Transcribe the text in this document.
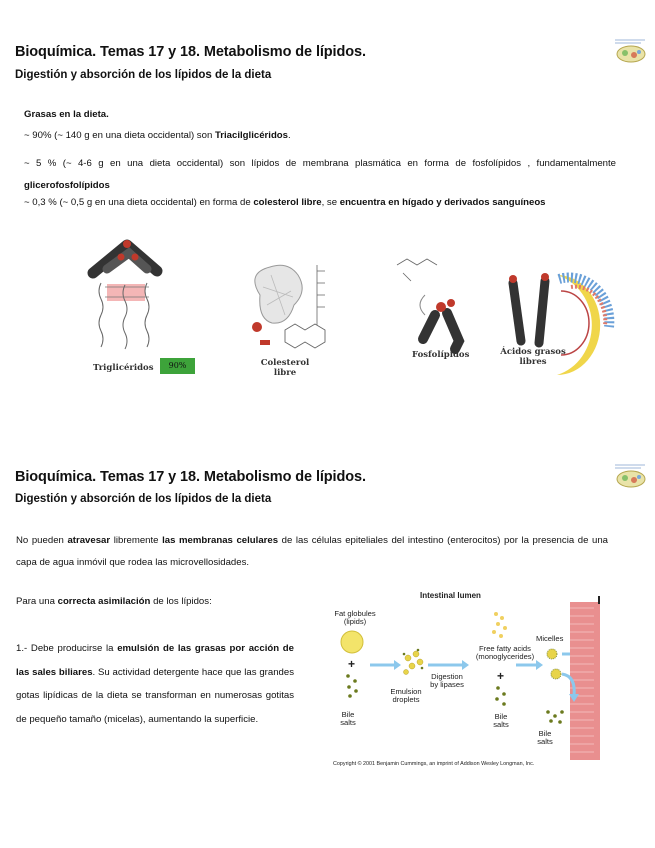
Bioquímica. Temas 17 y 18. Metabolismo de lípidos.
Digestión y absorción de los lípidos de la dieta
Grasas en la dieta.
~ 90% (~ 140 g en una dieta occidental) son Triacilglicéridos.
~ 5 % (~ 4-6 g en una dieta occidental) son lípidos de membrana plasmática en forma de fosfolípidos , fundamentalmente glicerofosfolípidos
~ 0,3 % (~ 0,5 g en una dieta occidental) en forma de colesterol libre, se encuentra en hígado y derivados sanguíneos
Triglicéridos	90%	Colesterol
libre
Fosfolípidos	Ácidos grasos
libres
Bioquímica. Temas 17 y 18. Metabolismo de lípidos.
Digestión y absorción de los lípidos de la dieta
No pueden atravesar libremente las membranas celulares de las células epiteliales del intestino (enterocitos) por la presencia de una capa de agua inmóvil que rodea las microvellosidades.
Para una correcta asimilación de los lípidos:
1.- Debe producirse la emulsión de las grasas por acción de las sales biliares. Su actividad detergente hace que las grandes gotas lipídicas de la dieta se transforman en numerosas gotitas de pequeño tamaño (micelas), aumentando la superficie.
+
+
Intestinal lumen
Fat globules
(lipids)
Bile
salts
Emulsion
droplets
Digestion
by lipases
Free fatty acids
(monoglycerides)
Bile
salts
Micelles
Bile
salts
Copyright © 2001 Benjamin Cummings, an imprint of Addison Wesley Longman, Inc.
